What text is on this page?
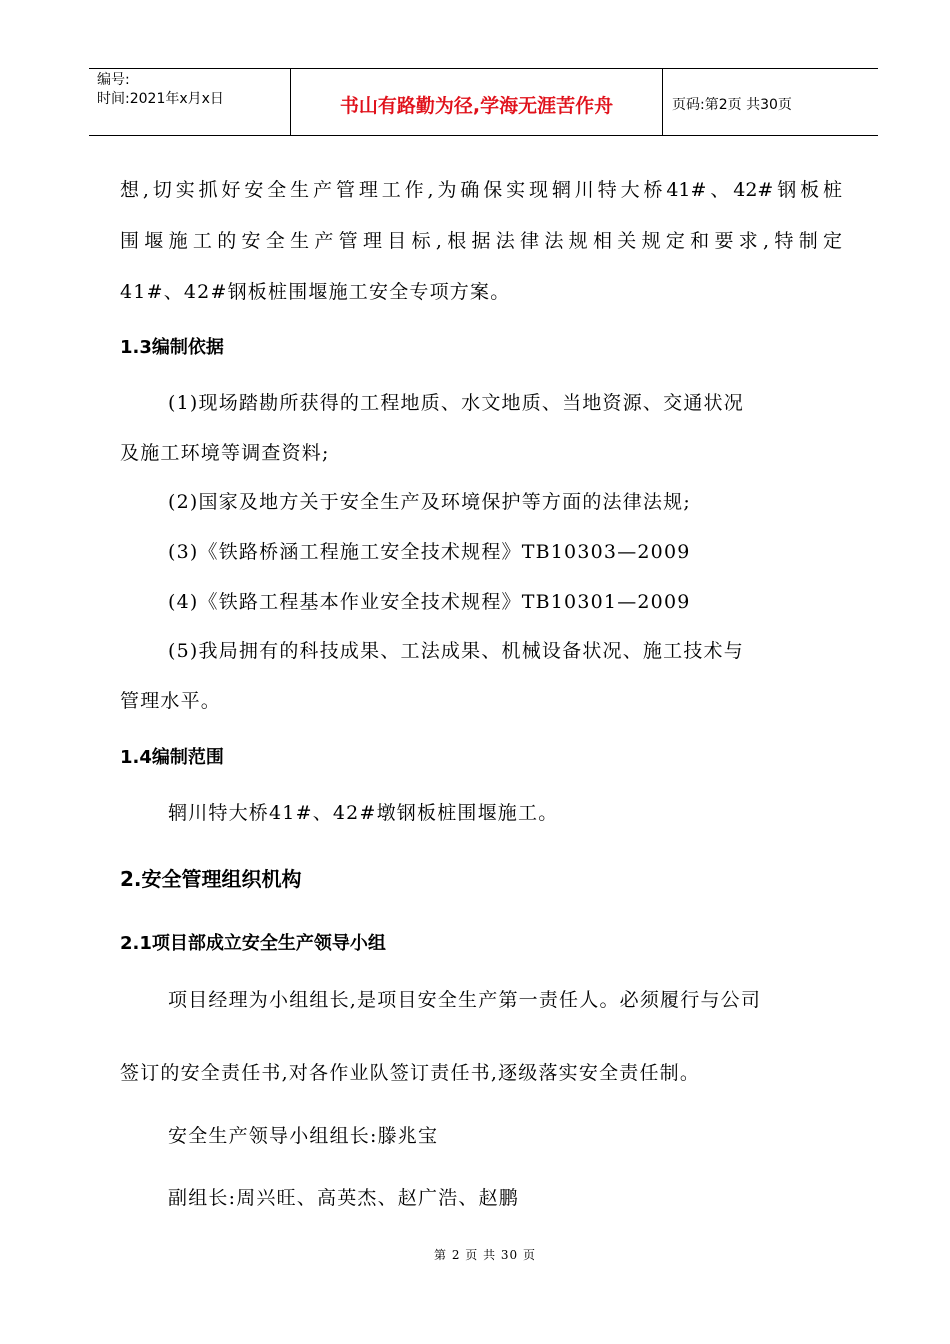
编号:
时间:2021年x月x日	书山有路勤为径,学海无涯苦作舟	页码:第2页 共30页
想,切实抓好安全生产管理工作,为确保实现辋川特大桥41#、42#钢板桩
围堰施工的安全生产管理目标,根据法律法规相关规定和要求,特制定
41#、42#钢板桩围堰施工安全专项方案。
1.3编制依据
(1)现场踏勘所获得的工程地质、水文地质、当地资源、交通状况
及施工环境等调查资料;
(2)国家及地方关于安全生产及环境保护等方面的法律法规;
(3)《铁路桥涵工程施工安全技术规程》TB10303—2009
(4)《铁路工程基本作业安全技术规程》TB10301—2009
(5)我局拥有的科技成果、工法成果、机械设备状况、施工技术与
管理水平。
1.4编制范围
辋川特大桥41#、42#墩钢板桩围堰施工。
2.安全管理组织机构
2.1项目部成立安全生产领导小组
项目经理为小组组长,是项目安全生产第一责任人。必须履行与公司
签订的安全责任书,对各作业队签订责任书,逐级落实安全责任制。
安全生产领导小组组长:滕兆宝
副组长:周兴旺、高英杰、赵广浩、赵鹏
第 2 页 共 30 页
